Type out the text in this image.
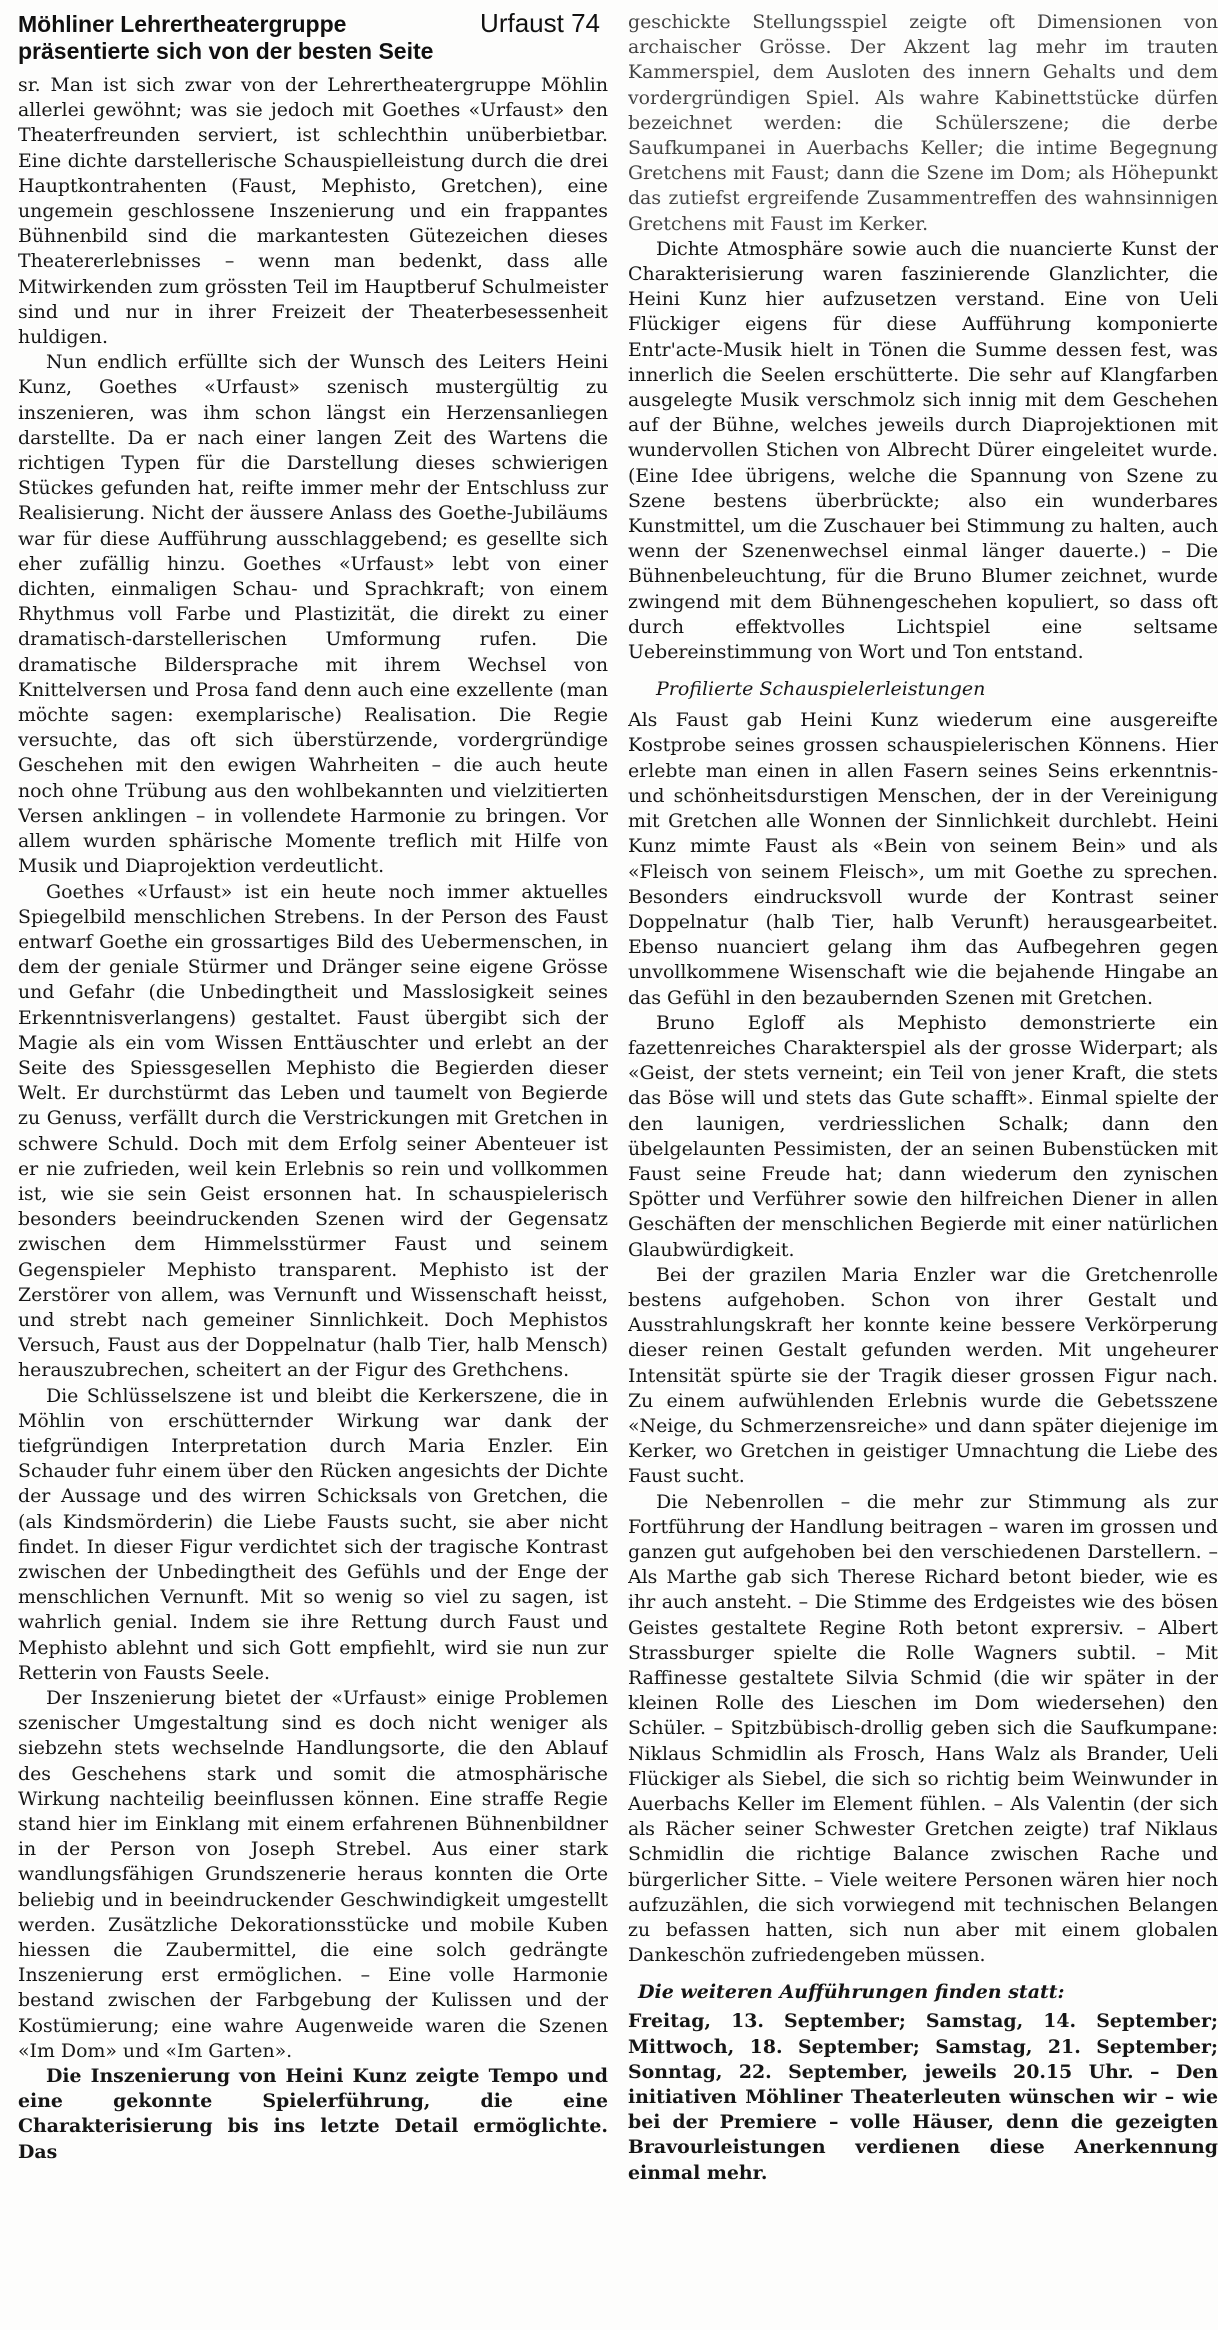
Möhliner Lehrertheatergruppe	Urfaust 74
präsentierte sich von der besten Seite

sr. Man ist sich zwar von der Lehrertheatergruppe Möhlin allerlei gewöhnt; was sie jedoch mit Goethes «Urfaust» den Theaterfreunden serviert, ist schlechthin unüberbietbar. Eine dichte darstellerische Schauspielleistung durch die drei Hauptkontrahenten (Faust, Mephisto, Gretchen), eine ungemein geschlossene Inszenierung und ein frappantes Bühnenbild sind die markantesten Gütezeichen dieses Theatererlebnisses – wenn man bedenkt, dass alle Mitwirkenden zum grössten Teil im Hauptberuf Schulmeister sind und nur in ihrer Freizeit der Theaterbesessenheit huldigen.

Nun endlich erfüllte sich der Wunsch des Leiters Heini Kunz, Goethes «Urfaust» szenisch mustergültig zu inszenieren, was ihm schon längst ein Herzensanliegen darstellte. Da er nach einer langen Zeit des Wartens die richtigen Typen für die Darstellung dieses schwierigen Stückes gefunden hat, reifte immer mehr der Entschluss zur Realisierung. Nicht der äussere Anlass des Goethe-Jubiläums war für diese Aufführung ausschlaggebend; es gesellte sich eher zufällig hinzu. Goethes «Urfaust» lebt von einer dichten, einmaligen Schau- und Sprachkraft; von einem Rhythmus voll Farbe und Plastizität, die direkt zu einer dramatisch-darstellerischen Umformung rufen. Die dramatische Bildersprache mit ihrem Wechsel von Knittelversen und Prosa fand denn auch eine exzellente (man möchte sagen: exemplarische) Realisation. Die Regie versuchte, das oft sich überstürzende, vordergründige Geschehen mit den ewigen Wahrheiten – die auch heute noch ohne Trübung aus den wohlbekannten und vielzitierten Versen anklingen – in vollendete Harmonie zu bringen. Vor allem wurden sphärische Momente treflich mit Hilfe von Musik und Diaprojektion verdeutlicht.

Goethes «Urfaust» ist ein heute noch immer aktuelles Spiegelbild menschlichen Strebens. In der Person des Faust entwarf Goethe ein grossartiges Bild des Uebermenschen, in dem der geniale Stürmer und Dränger seine eigene Grösse und Gefahr (die Unbedingtheit und Masslosigkeit seines Erkenntnisverlangens) gestaltet. Faust übergibt sich der Magie als ein vom Wissen Enttäuschter und erlebt an der Seite des Spiessgesellen Mephisto die Begierden dieser Welt. Er durchstürmt das Leben und taumelt von Begierde zu Genuss, verfällt durch die Verstrickungen mit Gretchen in schwere Schuld. Doch mit dem Erfolg seiner Abenteuer ist er nie zufrieden, weil kein Erlebnis so rein und vollkommen ist, wie sie sein Geist ersonnen hat. In schauspielerisch besonders beeindruckenden Szenen wird der Gegensatz zwischen dem Himmelsstürmer Faust und seinem Gegenspieler Mephisto transparent. Mephisto ist der Zerstörer von allem, was Vernunft und Wissenschaft heisst, und strebt nach gemeiner Sinnlichkeit. Doch Mephistos Versuch, Faust aus der Doppelnatur (halb Tier, halb Mensch) herauszubrechen, scheitert an der Figur des Grethchens.

Die Schlüsselszene ist und bleibt die Kerkerszene, die in Möhlin von erschütternder Wirkung war dank der tiefgründigen Interpretation durch Maria Enzler. Ein Schauder fuhr einem über den Rücken angesichts der Dichte der Aussage und des wirren Schicksals von Gretchen, die (als Kindsmörderin) die Liebe Fausts sucht, sie aber nicht findet. In dieser Figur verdichtet sich der tragische Kontrast zwischen der Unbedingtheit des Gefühls und der Enge der menschlichen Vernunft. Mit so wenig so viel zu sagen, ist wahrlich genial. Indem sie ihre Rettung durch Faust und Mephisto ablehnt und sich Gott empfiehlt, wird sie nun zur Retterin von Fausts Seele.

Der Inszenierung bietet der «Urfaust» einige Problemen szenischer Umgestaltung sind es doch nicht weniger als siebzehn stets wechselnde Handlungsorte, die den Ablauf des Geschehens stark und somit die atmosphärische Wirkung nachteilig beeinflussen können. Eine straffe Regie stand hier im Einklang mit einem erfahrenen Bühnenbildner in der Person von Joseph Strebel. Aus einer stark wandlungsfähigen Grundszenerie heraus konnten die Orte beliebig und in beeindruckender Geschwindigkeit umgestellt werden. Zusätzliche Dekorationsstücke und mobile Kuben hiessen die Zaubermittel, die eine solch gedrängte Inszenierung erst ermöglichen. – Eine volle Harmonie bestand zwischen der Farbgebung der Kulissen und der Kostümierung; eine wahre Augenweide waren die Szenen «Im Dom» und «Im Garten».

Die Inszenierung von Heini Kunz zeigte Tempo und eine gekonnte Spielerführung, die eine Charakterisierung bis ins letzte Detail ermöglichte. Das

geschickte Stellungsspiel zeigte oft Dimensionen von archaischer Grösse. Der Akzent lag mehr im trauten Kammerspiel, dem Ausloten des innern Gehalts und dem vordergründigen Spiel. Als wahre Kabinettstücke dürfen bezeichnet werden: die Schülerszene; die derbe Saufkumpanei in Auerbachs Keller; die intime Begegnung Gretchens mit Faust; dann die Szene im Dom; als Höhepunkt das zutiefst ergreifende Zusammentreffen des wahnsinnigen Gretchens mit Faust im Kerker.

Dichte Atmosphäre sowie auch die nuancierte Kunst der Charakterisierung waren faszinierende Glanzlichter, die Heini Kunz hier aufzusetzen verstand. Eine von Ueli Flückiger eigens für diese Aufführung komponierte Entr'acte-Musik hielt in Tönen die Summe dessen fest, was innerlich die Seelen erschütterte. Die sehr auf Klangfarben ausgelegte Musik verschmolz sich innig mit dem Geschehen auf der Bühne, welches jeweils durch Diaprojektionen mit wundervollen Stichen von Albrecht Dürer eingeleitet wurde. (Eine Idee übrigens, welche die Spannung von Szene zu Szene bestens überbrückte; also ein wunderbares Kunstmittel, um die Zuschauer bei Stimmung zu halten, auch wenn der Szenenwechsel einmal länger dauerte.) – Die Bühnenbeleuchtung, für die Bruno Blumer zeichnet, wurde zwingend mit dem Bühnengeschehen kopuliert, so dass oft durch effektvolles Lichtspiel eine seltsame Uebereinstimmung von Wort und Ton entstand.

Profilierte Schauspielerleistungen

Als Faust gab Heini Kunz wiederum eine ausgereifte Kostprobe seines grossen schauspielerischen Könnens. Hier erlebte man einen in allen Fasern seines Seins erkenntnis- und schönheitsdurstigen Menschen, der in der Vereinigung mit Gretchen alle Wonnen der Sinnlichkeit durchlebt. Heini Kunz mimte Faust als «Bein von seinem Bein» und als «Fleisch von seinem Fleisch», um mit Goethe zu sprechen. Besonders eindrucksvoll wurde der Kontrast seiner Doppelnatur (halb Tier, halb Verunft) herausgearbeitet. Ebenso nuanciert gelang ihm das Aufbegehren gegen unvollkommene Wisenschaft wie die bejahende Hingabe an das Gefühl in den bezaubernden Szenen mit Gretchen.

Bruno Egloff als Mephisto demonstrierte ein fazettenreiches Charakterspiel als der grosse Widerpart; als «Geist, der stets verneint; ein Teil von jener Kraft, die stets das Böse will und stets das Gute schafft». Einmal spielte der den launigen, verdriesslichen Schalk; dann den übelgelaunten Pessimisten, der an seinen Bubenstücken mit Faust seine Freude hat; dann wiederum den zynischen Spötter und Verführer sowie den hilfreichen Diener in allen Geschäften der menschlichen Begierde mit einer natürlichen Glaubwürdigkeit.

Bei der grazilen Maria Enzler war die Gretchenrolle bestens aufgehoben. Schon von ihrer Gestalt und Ausstrahlungskraft her konnte keine bessere Verkörperung dieser reinen Gestalt gefunden werden. Mit ungeheurer Intensität spürte sie der Tragik dieser grossen Figur nach. Zu einem aufwühlenden Erlebnis wurde die Gebetsszene «Neige, du Schmerzensreiche» und dann später diejenige im Kerker, wo Gretchen in geistiger Umnachtung die Liebe des Faust sucht.

Die Nebenrollen – die mehr zur Stimmung als zur Fortführung der Handlung beitragen – waren im grossen und ganzen gut aufgehoben bei den verschiedenen Darstellern. – Als Marthe gab sich Therese Richard betont bieder, wie es ihr auch ansteht. – Die Stimme des Erdgeistes wie des bösen Geistes gestaltete Regine Roth betont exprersiv. – Albert Strassburger spielte die Rolle Wagners subtil. – Mit Raffinesse gestaltete Silvia Schmid (die wir später in der kleinen Rolle des Lieschen im Dom wiedersehen) den Schüler. – Spitzbübisch-drollig geben sich die Saufkumpane: Niklaus Schmidlin als Frosch, Hans Walz als Brander, Ueli Flückiger als Siebel, die sich so richtig beim Weinwunder in Auerbachs Keller im Element fühlen. – Als Valentin (der sich als Rächer seiner Schwester Gretchen zeigte) traf Niklaus Schmidlin die richtige Balance zwischen Rache und bürgerlicher Sitte. – Viele weitere Personen wären hier noch aufzuzählen, die sich vorwiegend mit technischen Belangen zu befassen hatten, sich nun aber mit einem globalen Dankeschön zufriedengeben müssen.

Die weiteren Aufführungen finden statt:

Freitag, 13. September; Samstag, 14. September; Mittwoch, 18. September; Samstag, 21. September; Sonntag, 22. September, jeweils 20.15 Uhr. – Den initiativen Möhliner Theaterleuten wünschen wir – wie bei der Premiere – volle Häuser, denn die gezeigten Bravourleistungen verdienen diese Anerkennung einmal mehr.
